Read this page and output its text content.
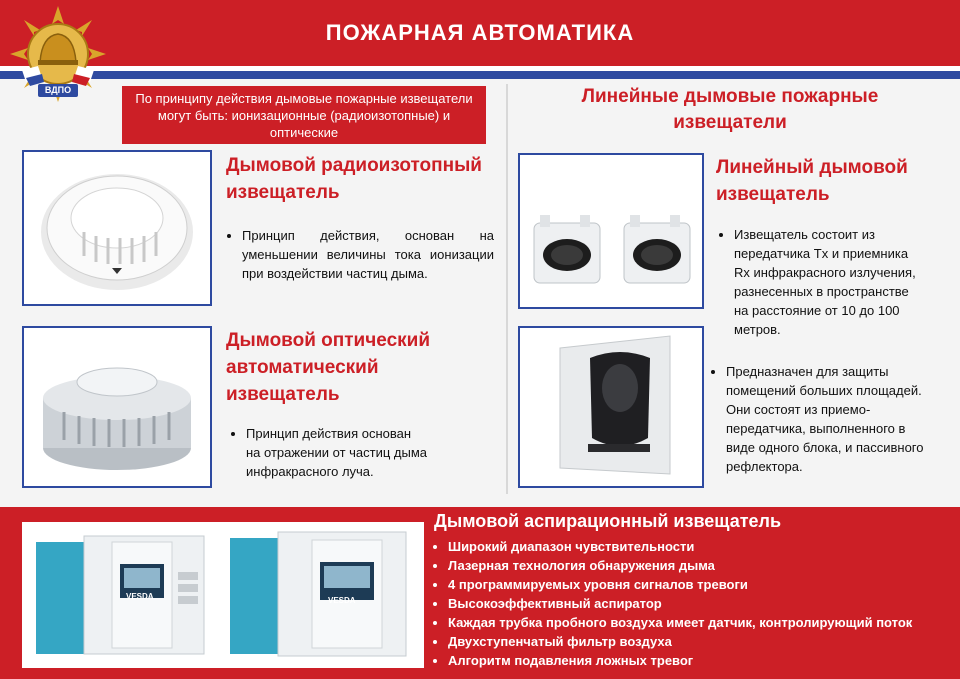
ПОЖАРНАЯ АВТОМАТИКА
ВДПО
По принципу действия дымовые пожарные извещатели могут быть: ионизационные (радиоизотопные) и оптические
Линейные дымовые пожарные
извещатели
Дымовой радиоизотопный
извещатель
• Принцип действия, основан на уменьшении величины тока ионизации при воздействии частиц дыма.
Дымовой оптический
автоматический
извещатель
• Принцип действия основан
на отражении от частиц дыма
инфракрасного луча.
Линейный дымовой
извещатель
• Извещатель состоит из
передатчика Tx и приемника
Rx инфракрасного излучения,
разнесенных в пространстве
на расстояние от 10 до 100
метров.
• Предназначен для защиты
помещений больших площадей.
Они состоят из приемо-
передатчика, выполненного в
виде одного блока, и пассивного
рефлектора.
VESDA	VESDA
Дымовой аспирационный извещатель
• Широкий диапазон чувствительности
• Лазерная технология обнаружения дыма
• 4 программируемых уровня сигналов тревоги
• Высокоэффективный аспиратор
• Каждая трубка пробного воздуха имеет датчик, контролирующий поток
• Двухступенчатый фильтр воздуха
• Алгоритм подавления ложных тревог
